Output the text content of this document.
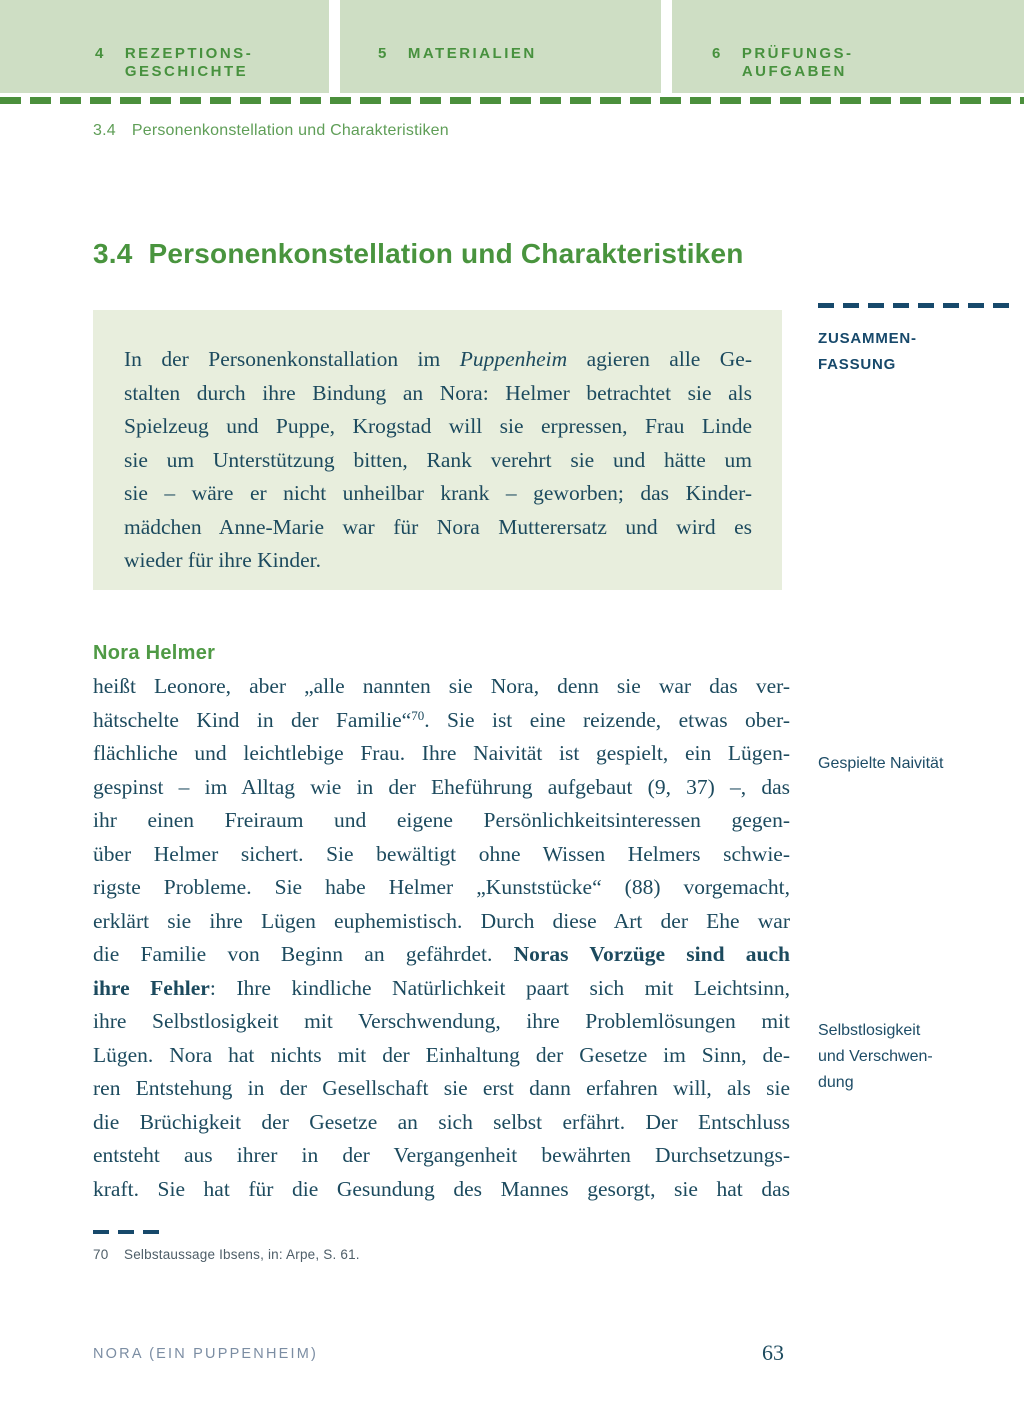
4 REZEPTIONS-
GESCHICHTE
5 MATERIALIEN	6 PRÜFUNGS-
AUFGABEN
3.4 Personenkonstellation und Charakteristiken
3.4 Personenkonstellation und Charakteristiken
ZUSAMMEN-
FASSUNG
In der Personenkonstallation im Puppenheim agieren alle Ge-
stalten durch ihre Bindung an Nora: Helmer betrachtet sie als
Spielzeug und Puppe, Krogstad will sie erpressen, Frau Linde
sie um Unterstützung bitten, Rank verehrt sie und hätte um
sie – wäre er nicht unheilbar krank – geworben; das Kinder-
mädchen Anne-Marie war für Nora Mutterersatz und wird es
wieder für ihre Kinder.
Nora Helmer
heißt Leonore, aber „alle nannten sie Nora, denn sie war das ver-
hätschelte Kind in der Familie“$^{70}$. Sie ist eine reizende, etwas ober-
flächliche und leichtlebige Frau. Ihre Naivität ist gespielt, ein Lügen-
gespinst – im Alltag wie in der Eheführung aufgebaut (9, 37) –, das
ihr einen Freiraum und eigene Persönlichkeitsinteressen gegen-
über Helmer sichert. Sie bewältigt ohne Wissen Helmers schwie-
rigste Probleme. Sie habe Helmer „Kunststücke“ (88) vorgemacht,
erklärt sie ihre Lügen euphemistisch. Durch diese Art der Ehe war
die Familie von Beginn an gefährdet. Noras Vorzüge sind auch
ihre Fehler: Ihre kindliche Natürlichkeit paart sich mit Leichtsinn,
ihre Selbstlosigkeit mit Verschwendung, ihre Problemlösungen mit
Lügen. Nora hat nichts mit der Einhaltung der Gesetze im Sinn, de-
ren Entstehung in der Gesellschaft sie erst dann erfahren will, als sie
die Brüchigkeit der Gesetze an sich selbst erfährt. Der Entschluss
entsteht aus ihrer in der Vergangenheit bewährten Durchsetzungs-
kraft. Sie hat für die Gesundung des Mannes gesorgt, sie hat das
Gespielte Naivität
Selbstlosigkeit
und Verschwen-
dung
70 Selbstaussage Ibsens, in: Arpe, S. 61.
NORA (EIN PUPPENHEIM)	63
